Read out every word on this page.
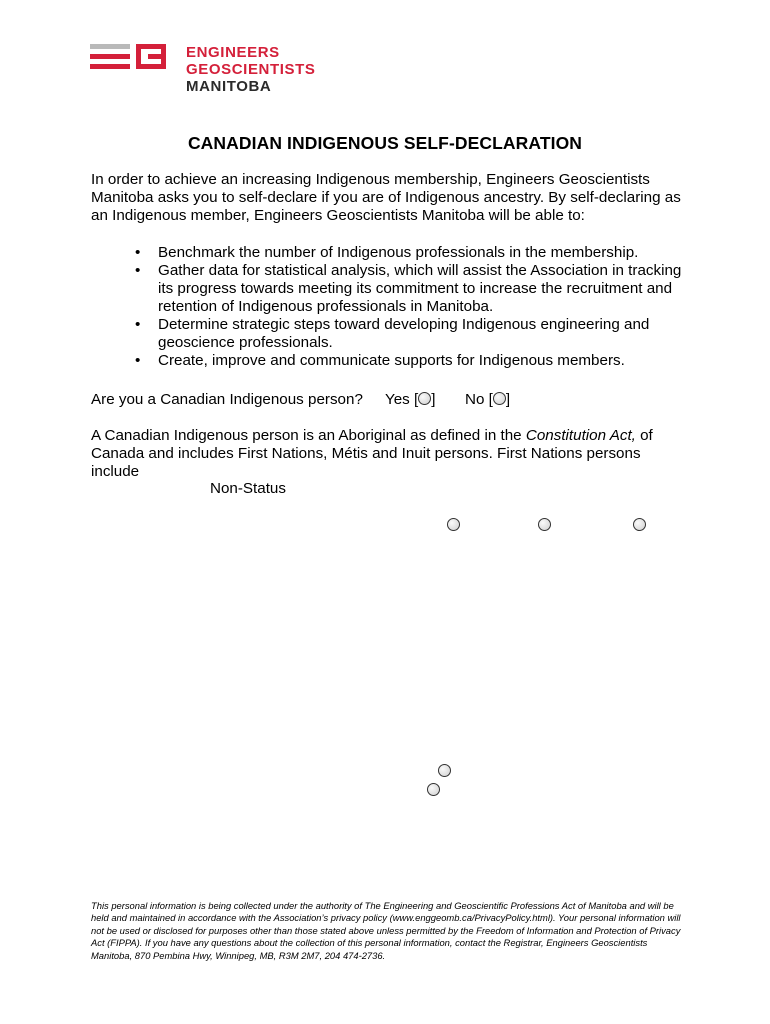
ENGINEERS
GEOSCIENTISTS
MANITOBA
CANADIAN INDIGENOUS SELF-DECLARATION
In order to achieve an increasing Indigenous membership, Engineers Geoscientists Manitoba asks you to self-declare if you are of Indigenous ancestry. By self-declaring as an Indigenous member, Engineers Geoscientists Manitoba will be able to:
• Benchmark the number of Indigenous professionals in the membership.
• Gather data for statistical analysis, which will assist the Association in tracking its progress towards meeting its commitment to increase the recruitment and retention of Indigenous professionals in Manitoba.
• Determine strategic steps toward developing Indigenous engineering and geoscience professionals.
• Create, improve and communicate supports for Indigenous members.
Are you a Canadian Indigenous person? Yes [ ] No [ ]
A Canadian Indigenous person is an Aboriginal as defined in the Constitution Act, of Canada and includes First Nations, Métis and Inuit persons. First Nations persons include
Non-Status
This personal information is being collected under the authority of The Engineering and Geoscientific Professions Act of Manitoba and will be held and maintained in accordance with the Association’s privacy policy (www.enggeomb.ca/PrivacyPolicy.html). Your personal information will not be used or disclosed for purposes other than those stated above unless permitted by the Freedom of Information and Protection of Privacy Act (FIPPA). If you have any questions about the collection of this personal information, contact the Registrar, Engineers Geoscientists Manitoba, 870 Pembina Hwy, Winnipeg, MB, R3M 2M7, 204 474-2736.
